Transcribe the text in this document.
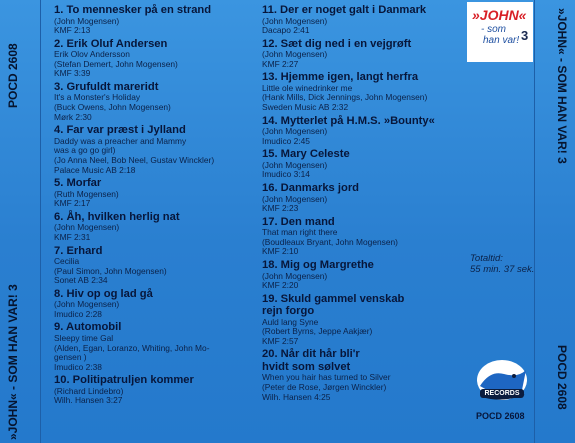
POCD 2608
»JOHN« - SOM HAN VAR! 3
1. To mennesker på en strand
(John Mogensen)
KMF 2:13
2. Erik Oluf Andersen
Erik Olov Andersson
(Stefan Demert, John Mogensen)
KMF 3:39
3. Grufuldt mareridt
It's a Monster's Holiday
(Buck Owens, John Mogensen)
Mørk 2:30
4. Far var præst i Jylland
Daddy was a preacher and Mammy
was a go go girl)
(Jo Anna Neel, Bob Neel, Gustav Winckler)
Palace Music AB 2:18
5. Morfar
(Ruth Mogensen)
KMF 2:17
6. Åh, hvilken herlig nat
(John Mogensen)
KMF 2:31
7. Erhard
Cecilia
(Paul Simon, John Mogensen)
Sonet AB 2:34
8. Hiv op og lad gå
(John Mogensen)
Imudico 2:28
9. Automobil
Sleepy time Gal
(Alden, Egan, Loranzo, Whiting, John Mo-
gensen )
Imudico 2:38
10. Politipatruljen kommer
(Richard Lindebro)
Wilh. Hansen 3:27
11. Der er noget galt i Danmark
(John Mogensen)
Dacapo 2:41
12. Sæt dig ned i en vejgrøft
(John Mogensen)
KMF 2:27
13. Hjemme igen, langt herfra
Little ole winedrinker me
(Hank Mills, Dick Jennings, John Mogensen)
Sweden Music AB 2:32
14. Mytterlet på H.M.S. »Bounty«
(John Mogensen)
Imudico 2:45
15. Mary Celeste
(John Mogensen)
Imudico 3:14
16. Danmarks jord
(John Mogensen)
KMF 2:23
17. Den mand
That man right there
(Boudleaux Bryant, John Mogensen)
KMF 2:10
18. Mig og Margrethe
(John Mogensen)
KMF 2:20
19. Skuld gammel venskab
rejn forgo
Auld lang Syne
(Robert Byrns, Jeppe Aakjær)
KMF 2:57
20. Når dit hår bli'r
hvidt som sølvet
When you hair has turned to Silver
(Peter de Rose, Jørgen Winckler)
Wilh. Hansen 4:25
»JOHN«
- som
han var! 3
Totaltid:
55 min. 37 sek.
RECORDS
POCD 2608
»JOHN« - SOM HAN VAR! 3
POCD 2608
